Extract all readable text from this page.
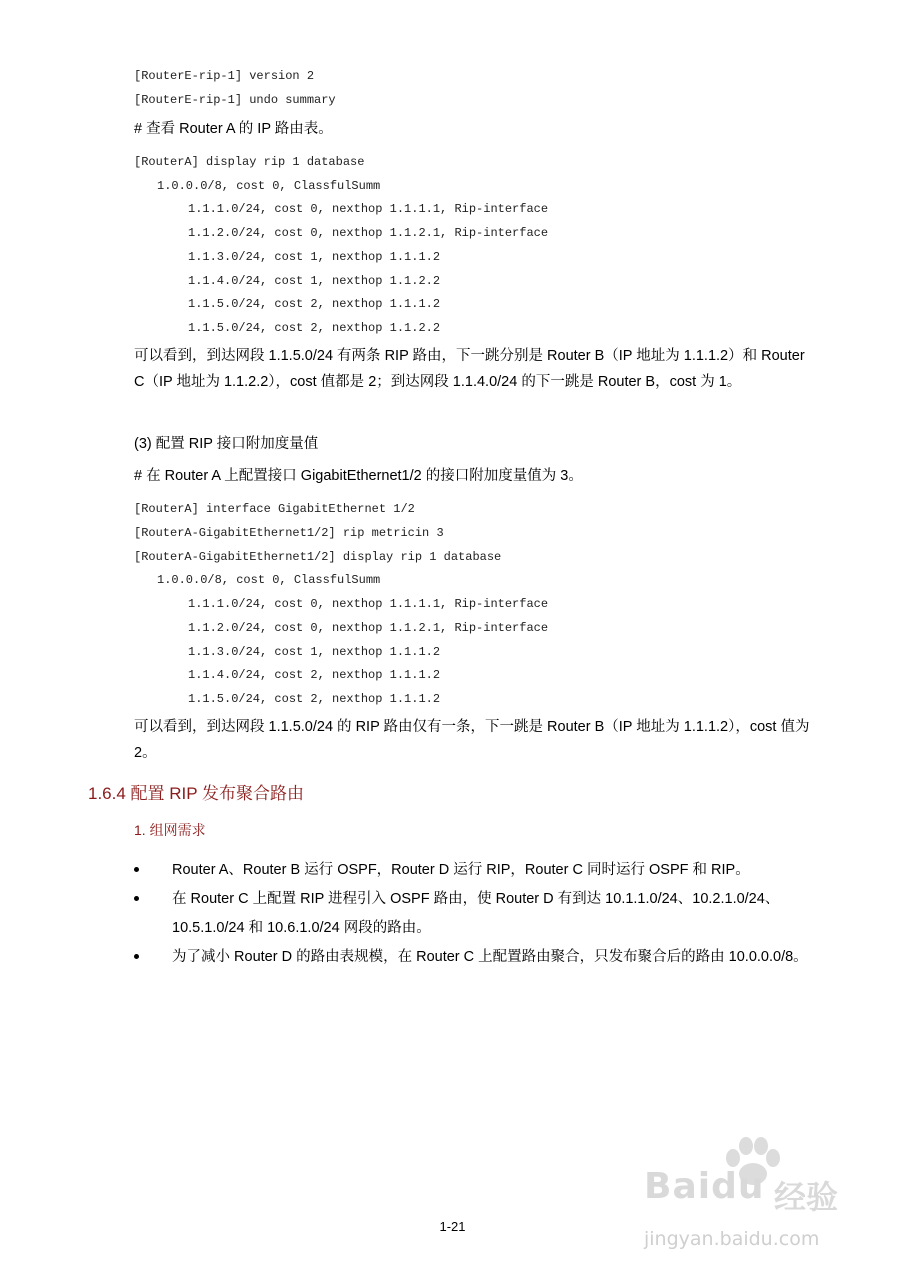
[RouterE-rip-1] version 2
[RouterE-rip-1] undo summary
# 查看 Router A 的 IP 路由表。
[RouterA] display rip 1 database
1.0.0.0/8, cost 0, ClassfulSumm
1.1.1.0/24, cost 0, nexthop 1.1.1.1, Rip-interface
1.1.2.0/24, cost 0, nexthop 1.1.2.1, Rip-interface
1.1.3.0/24, cost 1, nexthop 1.1.1.2
1.1.4.0/24, cost 1, nexthop 1.1.2.2
1.1.5.0/24, cost 2, nexthop 1.1.1.2
1.1.5.0/24, cost 2, nexthop 1.1.2.2
可以看到，到达网段 1.1.5.0/24 有两条 RIP 路由，下一跳分别是 Router B（IP 地址为 1.1.1.2）和 Router C（IP 地址为 1.1.2.2），cost 值都是 2；到达网段 1.1.4.0/24 的下一跳是 Router B，cost 为 1。
(3) 配置 RIP 接口附加度量值
# 在 Router A 上配置接口 GigabitEthernet1/2 的接口附加度量值为 3。
[RouterA] interface GigabitEthernet 1/2
[RouterA-GigabitEthernet1/2] rip metricin 3
[RouterA-GigabitEthernet1/2] display rip 1 database
1.0.0.0/8, cost 0, ClassfulSumm
1.1.1.0/24, cost 0, nexthop 1.1.1.1, Rip-interface
1.1.2.0/24, cost 0, nexthop 1.1.2.1, Rip-interface
1.1.3.0/24, cost 1, nexthop 1.1.1.2
1.1.4.0/24, cost 2, nexthop 1.1.1.2
1.1.5.0/24, cost 2, nexthop 1.1.1.2
可以看到，到达网段 1.1.5.0/24 的 RIP 路由仅有一条，下一跳是 Router B（IP 地址为 1.1.1.2），cost 值为 2。
1.6.4 配置 RIP 发布聚合路由
1. 组网需求
Router A、Router B 运行 OSPF，Router D 运行 RIP，Router C 同时运行 OSPF 和 RIP。
在 Router C 上配置 RIP 进程引入 OSPF 路由，使 Router D 有到达 10.1.1.0/24、10.2.1.0/24、10.5.1.0/24 和 10.6.1.0/24 网段的路由。
为了减小 Router D 的路由表规模，在 Router C 上配置路由聚合，只发布聚合后的路由 10.0.0.0/8。
Baidu 经验
jingyan.baidu.com
1-21
